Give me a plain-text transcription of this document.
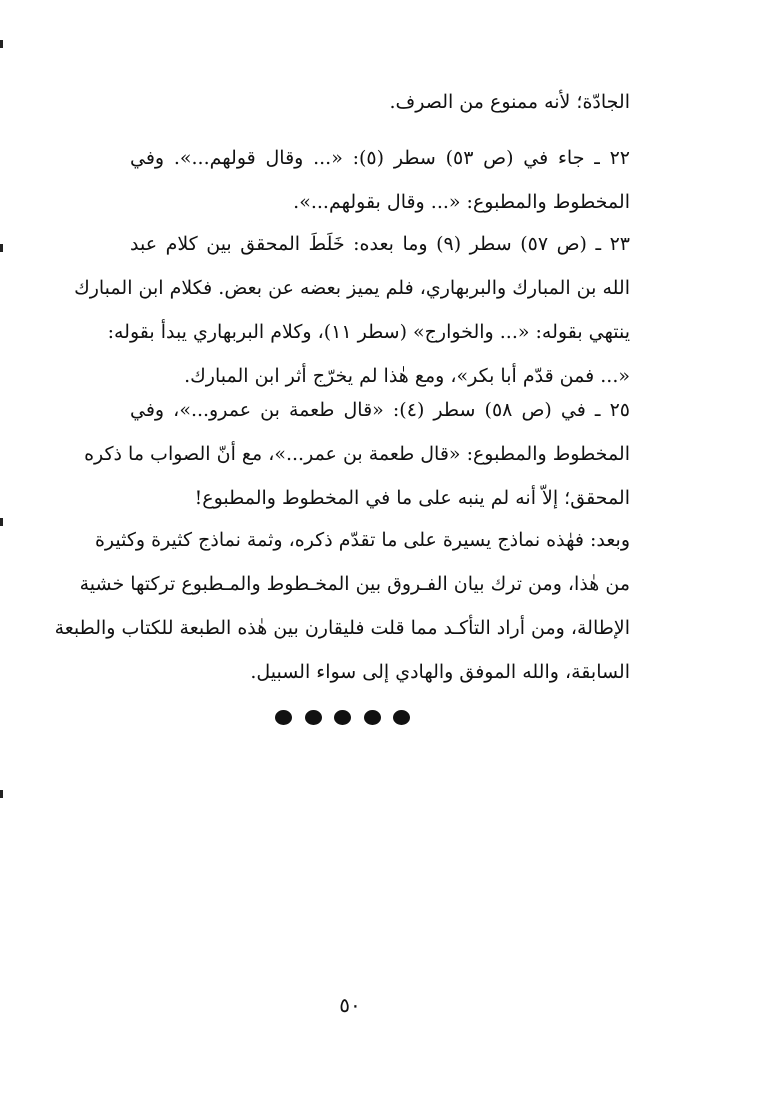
الجادّة؛ لأنه ممنوع من الصرف.
٢٢ ـ جاء في (ص ٥٣) سطر (٥): «... وقال قولهم...». وفي
المخطوط والمطبوع: «... وقال بقولهم...».
٢٣ ـ (ص ٥٧) سطر (٩) وما بعده: خَلَطَ المحقق بين كلام عبد
الله بن المبارك والبربهاري، فلم يميز بعضه عن بعض. فكلام ابن المبارك
ينتهي بقوله: «... والخوارج» (سطر ١١)، وكلام البربهاري يبدأ بقوله:
«... فمن قدّم أبا بكر»، ومع هٰذا لم يخرّج أثر ابن المبارك.
٢٥ ـ في (ص ٥٨) سطر (٤): «قال طعمة بن عمرو...»، وفي
المخطوط والمطبوع: «قال طعمة بن عمر...»، مع أنّ الصواب ما ذكره
المحقق؛ إلاّ أنه لم ينبه على ما في المخطوط والمطبوع!
وبعد: فهٰذه نماذج يسيرة على ما تقدّم ذكره، وثمة نماذج كثيرة وكثيرة
من هٰذا، ومن ترك بيان الفـروق بين المخـطوط والمـطبوع تركتها خشية
الإطالة، ومن أراد التأكـد مما قلت فليقارن بين هٰذه الطبعة للكتاب والطبعة
السابقة، والله الموفق والهادي إلى سواء السبيل.
٥٠
